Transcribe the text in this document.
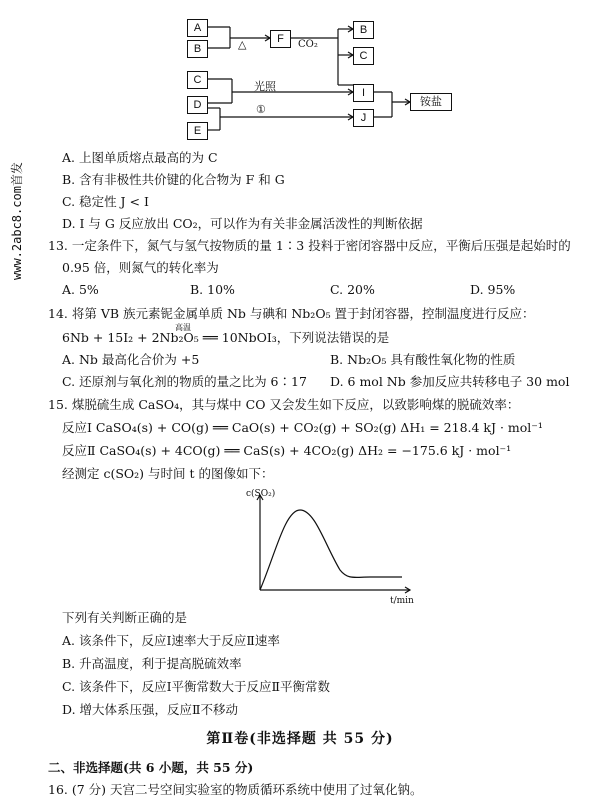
www.2abc8.com首发
A
B
C
D
E
F
B
C
I
J
铵盐
△	CO₂
光照
①
A. 上图单质熔点最高的为 C
B. 含有非极性共价键的化合物为 F 和 G
C. 稳定性 J < I
D. I 与 G 反应放出 CO₂，可以作为有关非金属活泼性的判断依据
13. 一定条件下，氮气与氢气按物质的量 1∶3 投料于密闭容器中反应，平衡后压强是起始时的
0.95 倍，则氮气的转化率为
A. 5%	B. 10%	C. 20%	D. 95%
14. 将第 VB 族元素铌金属单质 Nb 与碘和 Nb₂O₅ 置于封闭容器，控制温度进行反应：
高温
6Nb + 15I₂ + 2Nb₂O₅ ══ 10NbOI₃，下列说法错误的是
A. Nb 最高化合价为 +5	B. Nb₂O₅ 具有酸性氧化物的性质
C. 还原剂与氧化剂的物质的量之比为 6∶17 D. 6 mol Nb 参加反应共转移电子 30 mol
15. 煤脱硫生成 CaSO₄，其与煤中 CO 又会发生如下反应，以致影响煤的脱硫效率：
反应Ⅰ CaSO₄(s) + CO(g) ══ CaO(s) + CO₂(g) + SO₂(g) ΔH₁ = 218.4 kJ · mol⁻¹
反应Ⅱ CaSO₄(s) + 4CO(g) ══ CaS(s) + 4CO₂(g) ΔH₂ = −175.6 kJ · mol⁻¹
经测定 c(SO₂) 与时间 t 的图像如下：
c(SO₂)
t/min
下列有关判断正确的是
A. 该条件下，反应Ⅰ速率大于反应Ⅱ速率
B. 升高温度，利于提高脱硫效率
C. 该条件下，反应Ⅰ平衡常数大于反应Ⅱ平衡常数
D. 增大体系压强，反应Ⅱ不移动
第Ⅱ卷(非选择题 共 55 分)
二、非选择题(共 6 小题，共 55 分)
16. (7 分) 天宫二号空间实验室的物质循环系统中使用了过氧化钠。
